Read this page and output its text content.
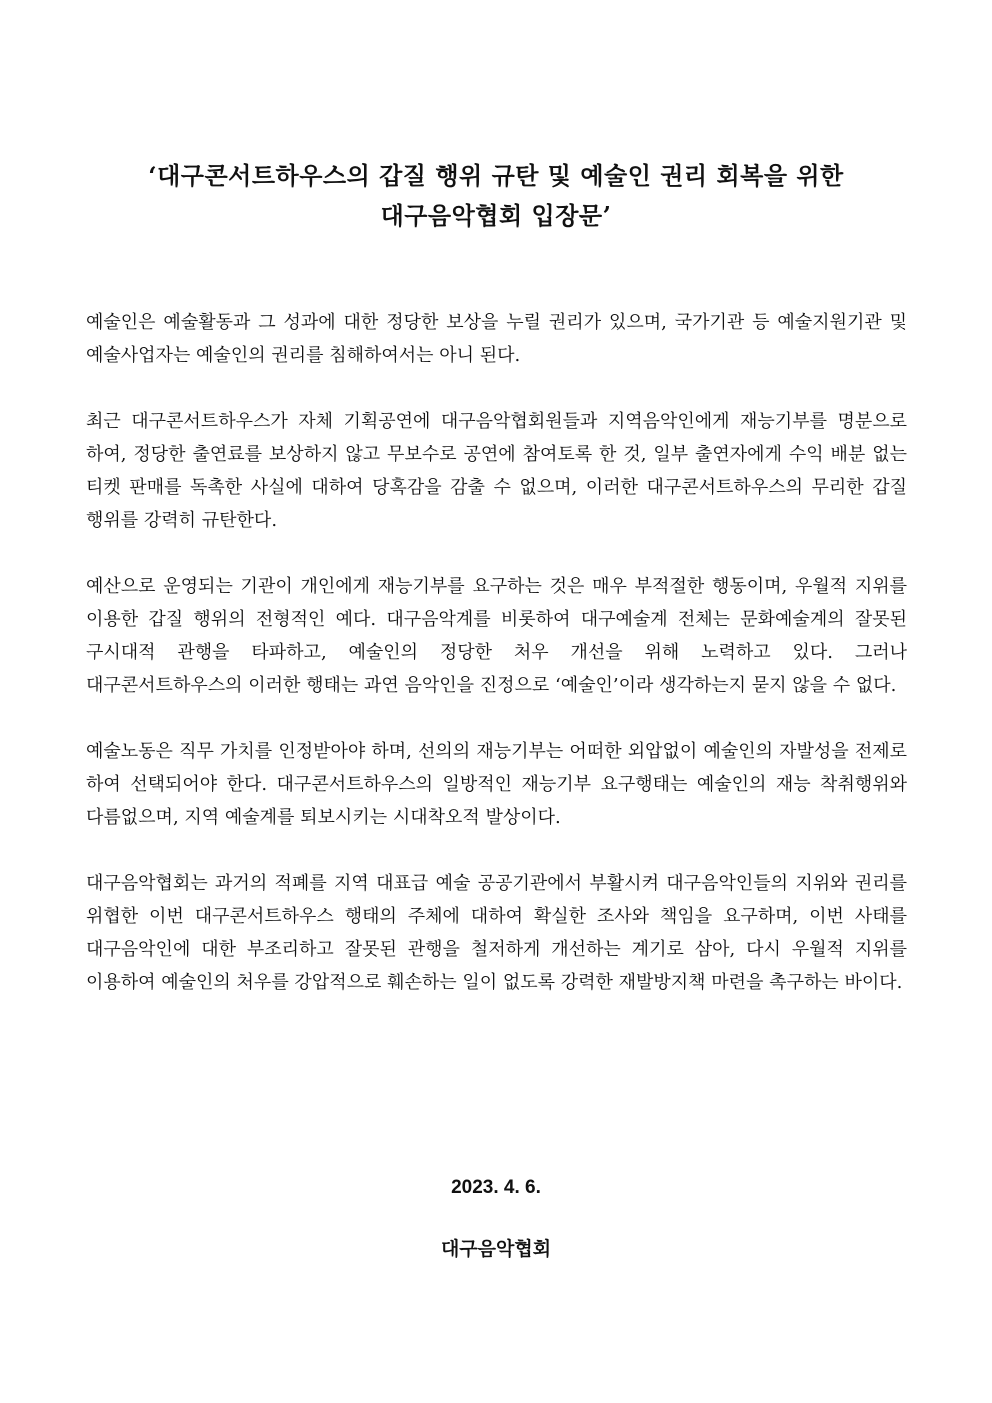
‘대구콘서트하우스의 갑질 행위 규탄 및 예술인 권리 회복을 위한
대구음악협회 입장문’

예술인은 예술활동과 그 성과에 대한 정당한 보상을 누릴 권리가 있으며, 국가기관 등 예술지원기관 및 예술사업자는 예술인의 권리를 침해하여서는 아니 된다.

최근 대구콘서트하우스가 자체 기획공연에 대구음악협회원들과 지역음악인에게 재능기부를 명분으로 하여, 정당한 출연료를 보상하지 않고 무보수로 공연에 참여토록 한 것, 일부 출연자에게 수익 배분 없는 티켓 판매를 독촉한 사실에 대하여 당혹감을 감출 수 없으며, 이러한 대구콘서트하우스의 무리한 갑질 행위를 강력히 규탄한다.

예산으로 운영되는 기관이 개인에게 재능기부를 요구하는 것은 매우 부적절한 행동이며, 우월적 지위를 이용한 갑질 행위의 전형적인 예다. 대구음악계를 비롯하여 대구예술계 전체는 문화예술계의 잘못된 구시대적 관행을 타파하고, 예술인의 정당한 처우 개선을 위해 노력하고 있다. 그러나 대구콘서트하우스의 이러한 행태는 과연 음악인을 진정으로 ‘예술인’이라 생각하는지 묻지 않을 수 없다.

예술노동은 직무 가치를 인정받아야 하며, 선의의 재능기부는 어떠한 외압없이 예술인의 자발성을 전제로 하여 선택되어야 한다. 대구콘서트하우스의 일방적인 재능기부 요구행태는 예술인의 재능 착취행위와 다름없으며, 지역 예술계를 퇴보시키는 시대착오적 발상이다.

대구음악협회는 과거의 적폐를 지역 대표급 예술 공공기관에서 부활시켜 대구음악인들의 지위와 권리를 위협한 이번 대구콘서트하우스 행태의 주체에 대하여 확실한 조사와 책임을 요구하며, 이번 사태를 대구음악인에 대한 부조리하고 잘못된 관행을 철저하게 개선하는 계기로 삼아, 다시 우월적 지위를 이용하여 예술인의 처우를 강압적으로 훼손하는 일이 없도록 강력한 재발방지책 마련을 촉구하는 바이다.

2023. 4. 6.
대구음악협회
